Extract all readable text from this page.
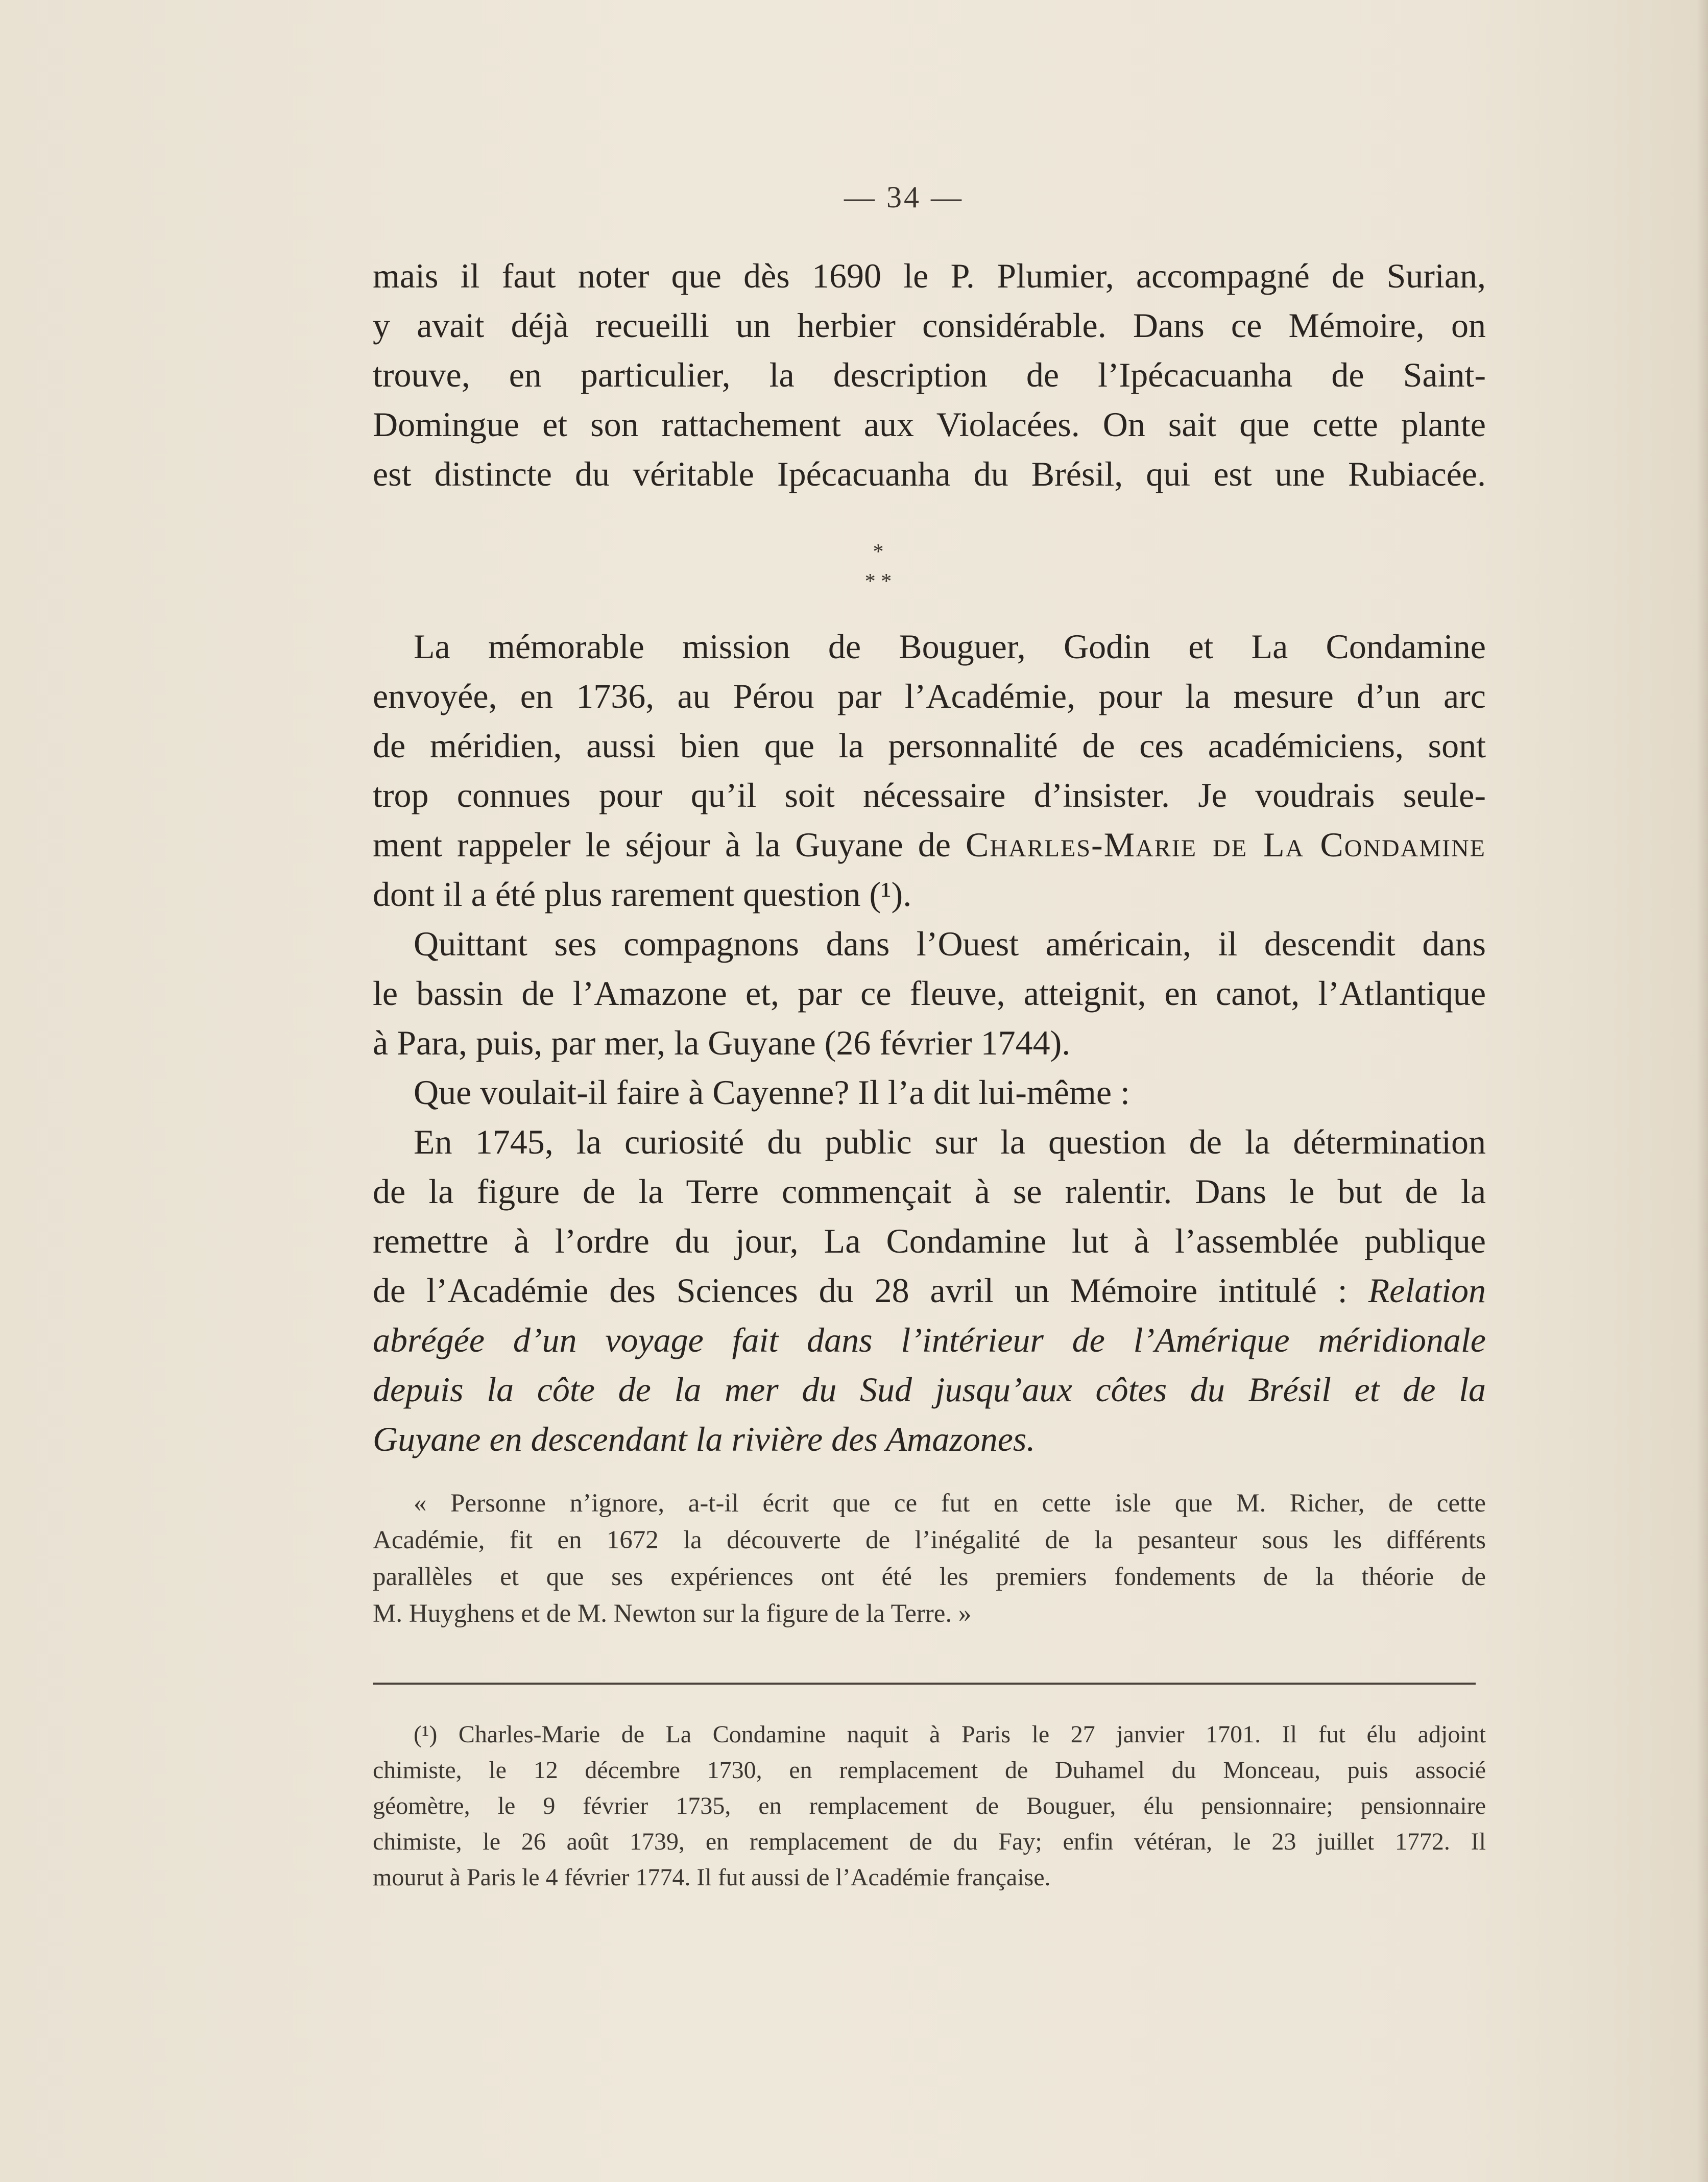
— 34 —
mais il faut noter que dès 1690 le P. Plumier, accompagné de Surian,
y avait déjà recueilli un herbier considérable. Dans ce Mémoire, on
trouve, en particulier, la description de l’Ipécacuanha de Saint-
Domingue et son rattachement aux Violacées. On sait que cette plante
est distincte du véritable Ipécacuanha du Brésil, qui est une Rubiacée.
*
* *
La mémorable mission de Bouguer, Godin et La Condamine
envoyée, en 1736, au Pérou par l’Académie, pour la mesure d’un arc
de méridien, aussi bien que la personnalité de ces académiciens, sont
trop connues pour qu’il soit nécessaire d’insister. Je voudrais seule-
ment rappeler le séjour à la Guyane de Charles-Marie de La Condamine
dont il a été plus rarement question (¹).
Quittant ses compagnons dans l’Ouest américain, il descendit dans
le bassin de l’Amazone et, par ce fleuve, atteignit, en canot, l’Atlantique
à Para, puis, par mer, la Guyane (26 février 1744).
Que voulait-il faire à Cayenne? Il l’a dit lui-même :
En 1745, la curiosité du public sur la question de la détermination
de la figure de la Terre commençait à se ralentir. Dans le but de la
remettre à l’ordre du jour, La Condamine lut à l’assemblée publique
de l’Académie des Sciences du 28 avril un Mémoire intitulé : Relation
abrégée d’un voyage fait dans l’intérieur de l’Amérique méridionale
depuis la côte de la mer du Sud jusqu’aux côtes du Brésil et de la
Guyane en descendant la rivière des Amazones.
« Personne n’ignore, a-t-il écrit que ce fut en cette isle que M. Richer, de cette
Académie, fit en 1672 la découverte de l’inégalité de la pesanteur sous les différents
parallèles et que ses expériences ont été les premiers fondements de la théorie de
M. Huyghens et de M. Newton sur la figure de la Terre. »
(¹) Charles-Marie de La Condamine naquit à Paris le 27 janvier 1701. Il fut élu adjoint
chimiste, le 12 décembre 1730, en remplacement de Duhamel du Monceau, puis associé
géomètre, le 9 février 1735, en remplacement de Bouguer, élu pensionnaire; pensionnaire
chimiste, le 26 août 1739, en remplacement de du Fay; enfin vétéran, le 23 juillet 1772. Il
mourut à Paris le 4 février 1774. Il fut aussi de l’Académie française.
